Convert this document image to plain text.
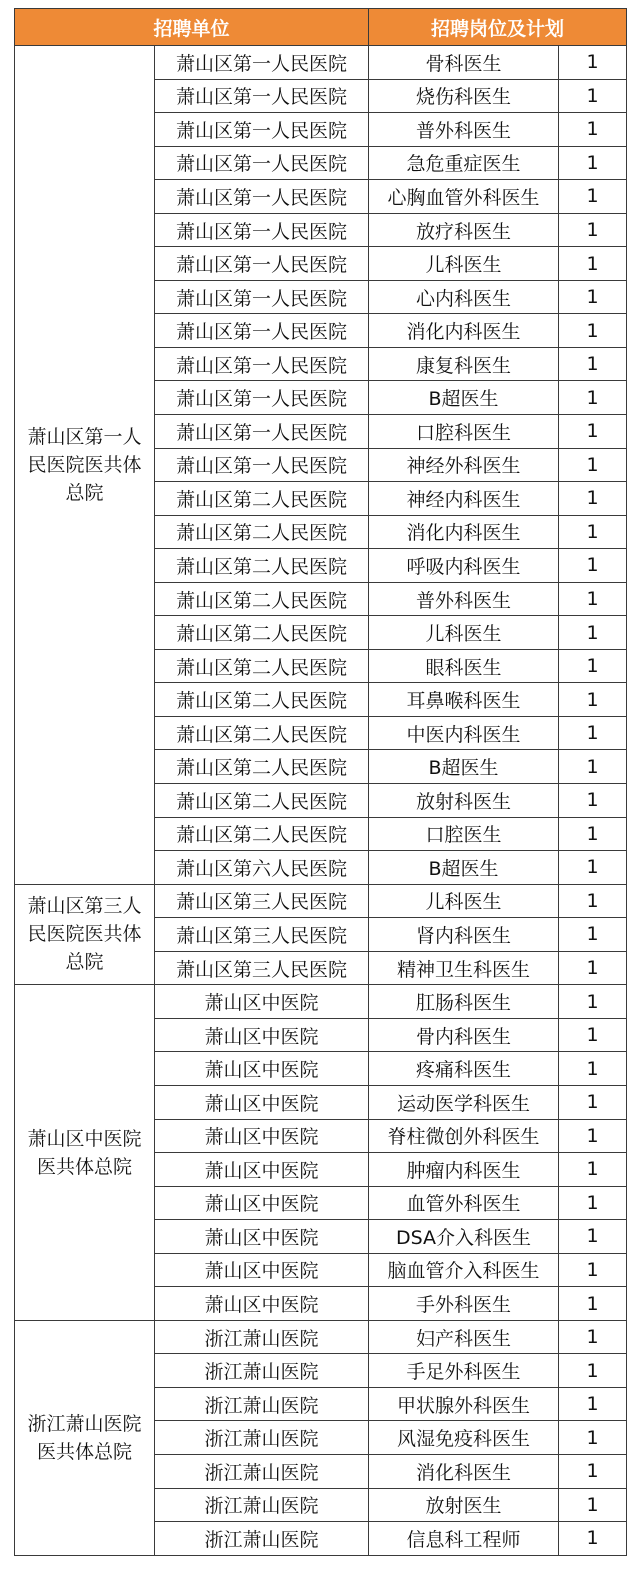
招聘单位		招聘岗位及计划	
萧山区第一人民医院医共体总院	萧山区第一人民医院	骨科医生	1
	萧山区第一人民医院	烧伤科医生	1
	萧山区第一人民医院	普外科医生	1
	萧山区第一人民医院	急危重症医生	1
	萧山区第一人民医院	心胸血管外科医生	1
	萧山区第一人民医院	放疗科医生	1
	萧山区第一人民医院	儿科医生	1
	萧山区第一人民医院	心内科医生	1
	萧山区第一人民医院	消化内科医生	1
	萧山区第一人民医院	康复科医生	1
	萧山区第一人民医院	B超医生	1
	萧山区第一人民医院	口腔科医生	1
	萧山区第一人民医院	神经外科医生	1
	萧山区第二人民医院	神经内科医生	1
	萧山区第二人民医院	消化内科医生	1
	萧山区第二人民医院	呼吸内科医生	1
	萧山区第二人民医院	普外科医生	1
	萧山区第二人民医院	儿科医生	1
	萧山区第二人民医院	眼科医生	1
	萧山区第二人民医院	耳鼻喉科医生	1
	萧山区第二人民医院	中医内科医生	1
	萧山区第二人民医院	B超医生	1
	萧山区第二人民医院	放射科医生	1
	萧山区第二人民医院	口腔医生	1
	萧山区第六人民医院	B超医生	1
萧山区第三人民医院医共体总院	萧山区第三人民医院	儿科医生	1
	萧山区第三人民医院	肾内科医生	1
	萧山区第三人民医院	精神卫生科医生	1
萧山区中医院医共体总院	萧山区中医院	肛肠科医生	1
	萧山区中医院	骨内科医生	1
	萧山区中医院	疼痛科医生	1
	萧山区中医院	运动医学科医生	1
	萧山区中医院	脊柱微创外科医生	1
	萧山区中医院	肿瘤内科医生	1
	萧山区中医院	血管外科医生	1
	萧山区中医院	DSA介入科医生	1
	萧山区中医院	脑血管介入科医生	1
	萧山区中医院	手外科医生	1
浙江萧山医院医共体总院	浙江萧山医院	妇产科医生	1
	浙江萧山医院	手足外科医生	1
	浙江萧山医院	甲状腺外科医生	1
	浙江萧山医院	风湿免疫科医生	1
	浙江萧山医院	消化科医生	1
	浙江萧山医院	放射医生	1
	浙江萧山医院	信息科工程师	1
